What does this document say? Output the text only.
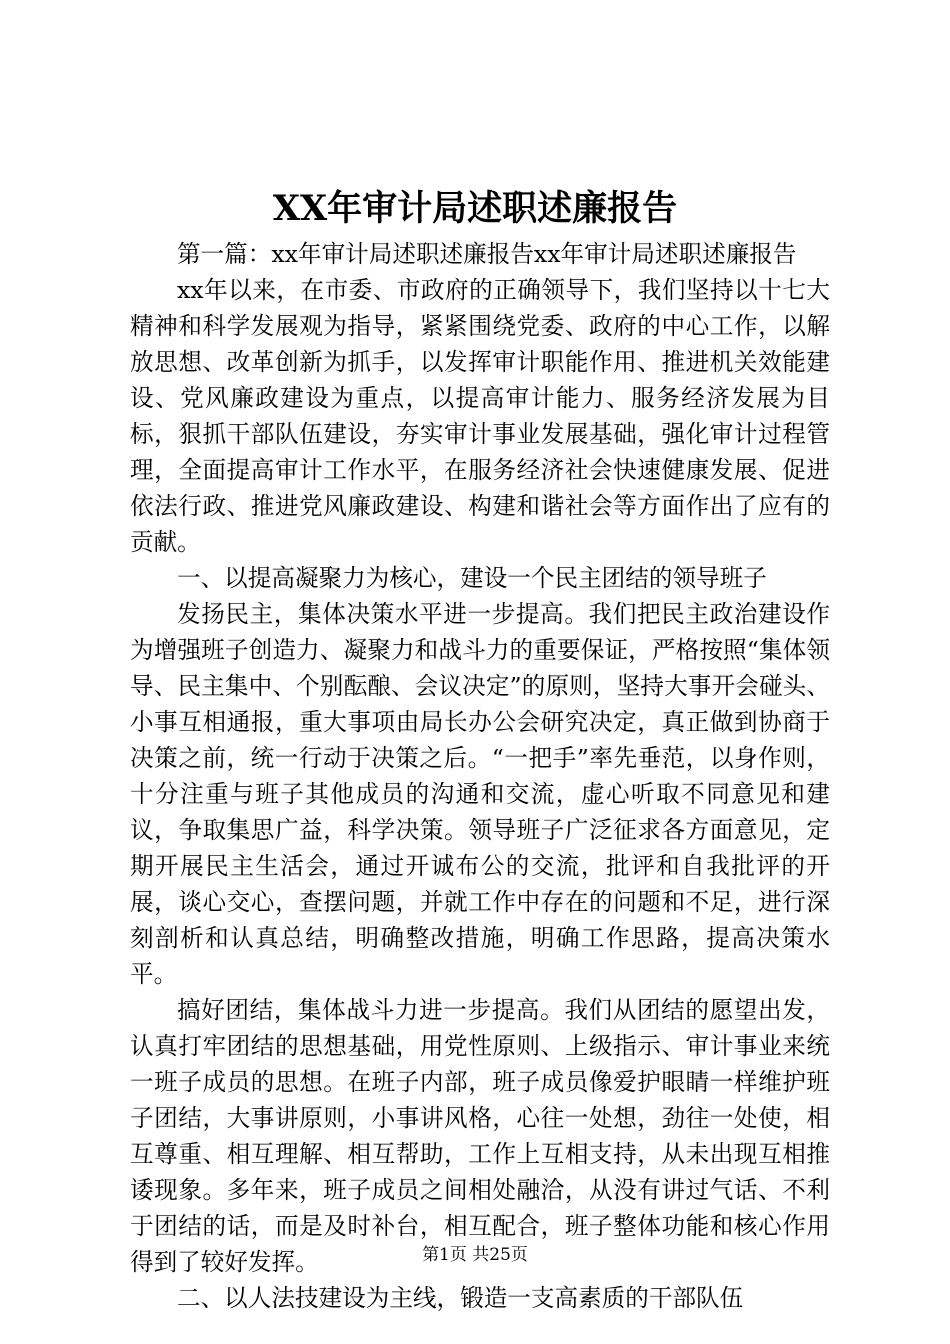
XX年审计局述职述廉报告

第一篇：xx年审计局述职述廉报告xx年审计局述职述廉报告

xx年以来，在市委、市政府的正确领导下，我们坚持以十七大精神和科学发展观为指导，紧紧围绕党委、政府的中心工作，以解放思想、改革创新为抓手，以发挥审计职能作用、推进机关效能建设、党风廉政建设为重点，以提高审计能力、服务经济发展为目标，狠抓干部队伍建设，夯实审计事业发展基础，强化审计过程管理，全面提高审计工作水平，在服务经济社会快速健康发展、促进依法行政、推进党风廉政建设、构建和谐社会等方面作出了应有的贡献。

一、以提高凝聚力为核心，建设一个民主团结的领导班子

发扬民主，集体决策水平进一步提高。我们把民主政治建设作为增强班子创造力、凝聚力和战斗力的重要保证，严格按照“集体领导、民主集中、个别酝酿、会议决定”的原则，坚持大事开会碰头、小事互相通报，重大事项由局长办公会研究决定，真正做到协商于决策之前，统一行动于决策之后。“一把手”率先垂范，以身作则，十分注重与班子其他成员的沟通和交流，虚心听取不同意见和建议，争取集思广益，科学决策。领导班子广泛征求各方面意见，定期开展民主生活会，通过开诚布公的交流，批评和自我批评的开展，谈心交心，查摆问题，并就工作中存在的问题和不足，进行深刻剖析和认真总结，明确整改措施，明确工作思路，提高决策水平。

搞好团结，集体战斗力进一步提高。我们从团结的愿望出发，认真打牢团结的思想基础，用党性原则、上级指示、审计事业来统一班子成员的思想。在班子内部，班子成员像爱护眼睛一样维护班子团结，大事讲原则，小事讲风格，心往一处想，劲往一处使，相互尊重、相互理解、相互帮助，工作上互相支持，从未出现互相推诿现象。多年来，班子成员之间相处融洽，从没有讲过气话、不利于团结的话，而是及时补台，相互配合，班子整体功能和核心作用得到了较好发挥。

二、以人法技建设为主线，锻造一支高素质的干部队伍

第1页 共25页
